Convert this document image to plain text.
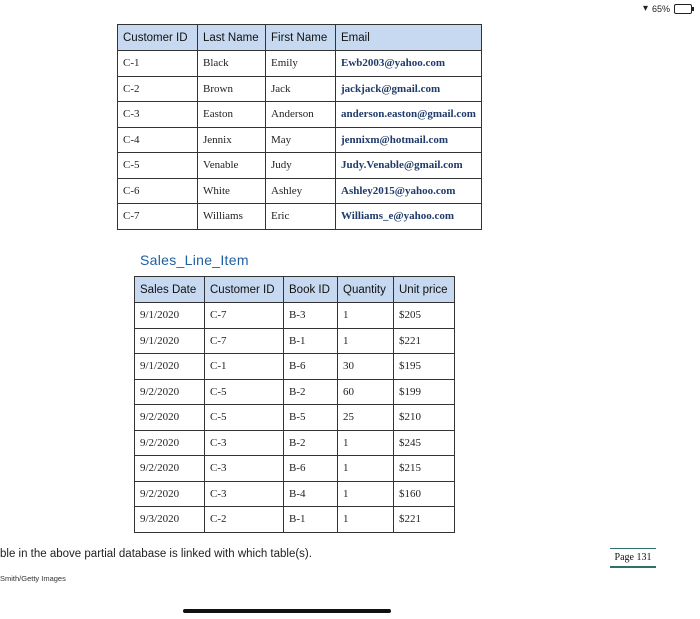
▾ 65%
Customer ID	Last Name	First Name	Email
C-1	Black	Emily	Ewb2003@yahoo.com
C-2	Brown	Jack	jackjack@gmail.com
C-3	Easton	Anderson	anderson.easton@gmail.com
C-4	Jennix	May	jennixm@hotmail.com
C-5	Venable	Judy	Judy.Venable@gmail.com
C-6	White	Ashley	Ashley2015@yahoo.com
C-7	Williams	Eric	Williams_e@yahoo.com
Sales_Line_Item
Sales Date	Customer ID	Book ID	Quantity	Unit price
9/1/2020	C-7	B-3	1	$205
9/1/2020	C-7	B-1	1	$221
9/1/2020	C-1	B-6	30	$195
9/2/2020	C-5	B-2	60	$199
9/2/2020	C-5	B-5	25	$210
9/2/2020	C-3	B-2	1	$245
9/2/2020	C-3	B-6	1	$215
9/2/2020	C-3	B-4	1	$160
9/3/2020	C-2	B-1	1	$221
ble in the above partial database is linked with which table(s).
Smith/Getty Images
Page 131
